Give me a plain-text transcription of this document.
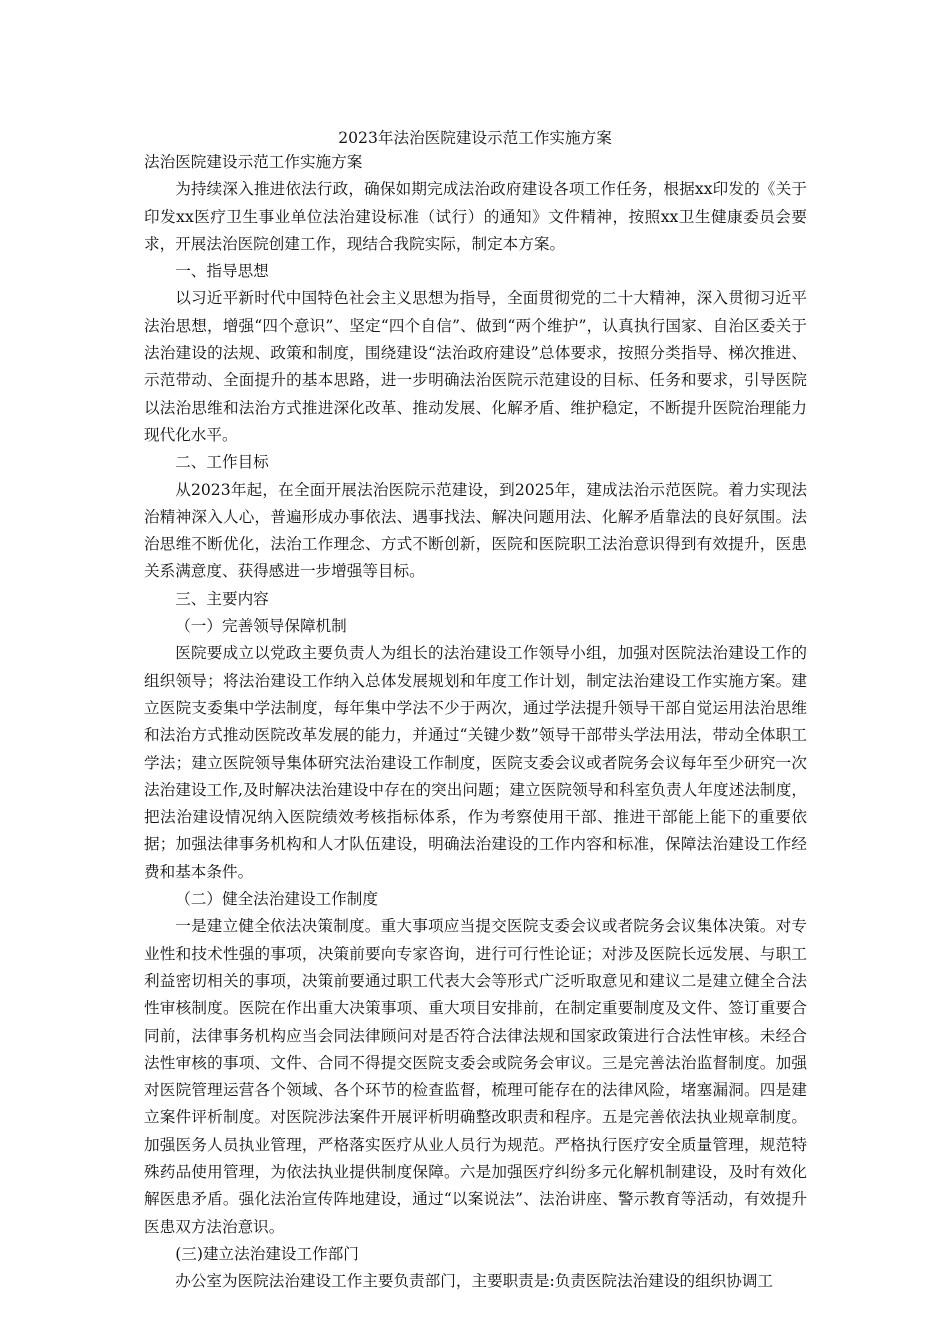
2023年法治医院建设示范工作实施方案

法治医院建设示范工作实施方案

为持续深入推进依法行政，确保如期完成法治政府建设各项工作任务，根据xx印发的《关于印发xx医疗卫生事业单位法治建设标准（试行）的通知》文件精神，按照xx卫生健康委员会要求，开展法治医院创建工作，现结合我院实际，制定本方案。

一、指导思想

以习近平新时代中国特色社会主义思想为指导，全面贯彻党的二十大精神，深入贯彻习近平法治思想，增强“四个意识”、坚定“四个自信”、做到“两个维护”，认真执行国家、自治区委关于法治建设的法规、政策和制度，围绕建设“法治政府建设”总体要求，按照分类指导、梯次推进、示范带动、全面提升的基本思路，进一步明确法治医院示范建设的目标、任务和要求，引导医院以法治思维和法治方式推进深化改革、推动发展、化解矛盾、维护稳定，不断提升医院治理能力现代化水平。

二、工作目标

从2023年起，在全面开展法治医院示范建设，到2025年，建成法治示范医院。着力实现法治精神深入人心，普遍形成办事依法、遇事找法、解决问题用法、化解矛盾靠法的良好氛围。法治思维不断优化，法治工作理念、方式不断创新，医院和医院职工法治意识得到有效提升，医患关系满意度、获得感进一步增强等目标。

三、主要内容

（一）完善领导保障机制

医院要成立以党政主要负责人为组长的法治建设工作领导小组，加强对医院法治建设工作的组织领导；将法治建设工作纳入总体发展规划和年度工作计划，制定法治建设工作实施方案。建立医院支委集中学法制度，每年集中学法不少于两次，通过学法提升领导干部自觉运用法治思维和法治方式推动医院改革发展的能力，并通过“关键少数”领导干部带头学法用法，带动全体职工学法；建立医院领导集体研究法治建设工作制度，医院支委会议或者院务会议每年至少研究一次法治建设工作,及时解决法治建设中存在的突出问题；建立医院领导和科室负责人年度述法制度，把法治建设情况纳入医院绩效考核指标体系，作为考察使用干部、推进干部能上能下的重要依据；加强法律事务机构和人才队伍建设，明确法治建设的工作内容和标准，保障法治建设工作经费和基本条件。

（二）健全法治建设工作制度

一是建立健全依法决策制度。重大事项应当提交医院支委会议或者院务会议集体决策。对专业性和技术性强的事项，决策前要向专家咨询，进行可行性论证；对涉及医院长远发展、与职工利益密切相关的事项，决策前要通过职工代表大会等形式广泛听取意见和建议二是建立健全合法性审核制度。医院在作出重大决策事项、重大项目安排前，在制定重要制度及文件、签订重要合同前，法律事务机构应当会同法律顾问对是否符合法律法规和国家政策进行合法性审核。未经合法性审核的事项、文件、合同不得提交医院支委会或院务会审议。三是完善法治监督制度。加强对医院管理运营各个领域、各个环节的检查监督，梳理可能存在的法律风险，堵塞漏洞。四是建立案件评析制度。对医院涉法案件开展评析明确整改职责和程序。五是完善依法执业规章制度。加强医务人员执业管理，严格落实医疗从业人员行为规范。严格执行医疗安全质量管理，规范特殊药品使用管理，为依法执业提供制度保障。六是加强医疗纠纷多元化解机制建设，及时有效化解医患矛盾。强化法治宣传阵地建设，通过“以案说法”、法治讲座、警示教育等活动，有效提升医患双方法治意识。

(三)建立法治建设工作部门

办公室为医院法治建设工作主要负责部门，主要职责是:负责医院法治建设的组织协调工
